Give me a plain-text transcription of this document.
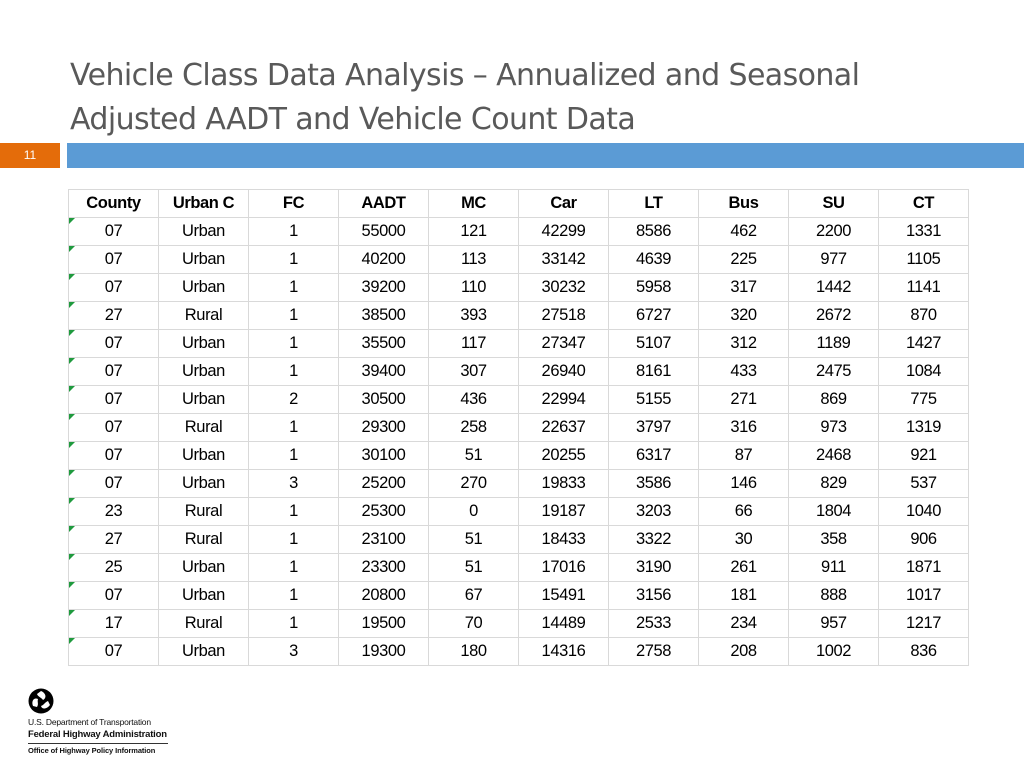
Vehicle Class Data Analysis – Annualized and Seasonal
Adjusted AADT and Vehicle Count Data
11
County	Urban C	FC	AADT	MC	Car	LT	Bus	SU	CT
07	Urban	1	55000	121	42299	8586	462	2200	1331
07	Urban	1	40200	113	33142	4639	225	977	1105
07	Urban	1	39200	110	30232	5958	317	1442	1141
27	Rural	1	38500	393	27518	6727	320	2672	870
07	Urban	1	35500	117	27347	5107	312	1189	1427
07	Urban	1	39400	307	26940	8161	433	2475	1084
07	Urban	2	30500	436	22994	5155	271	869	775
07	Rural	1	29300	258	22637	3797	316	973	1319
07	Urban	1	30100	51	20255	6317	87	2468	921
07	Urban	3	25200	270	19833	3586	146	829	537
23	Rural	1	25300	0	19187	3203	66	1804	1040
27	Rural	1	23100	51	18433	3322	30	358	906
25	Urban	1	23300	51	17016	3190	261	911	1871
07	Urban	1	20800	67	15491	3156	181	888	1017
17	Rural	1	19500	70	14489	2533	234	957	1217
07	Urban	3	19300	180	14316	2758	208	1002	836
U.S. Department of Transportation
Federal Highway Administration
Office of Highway Policy Information
